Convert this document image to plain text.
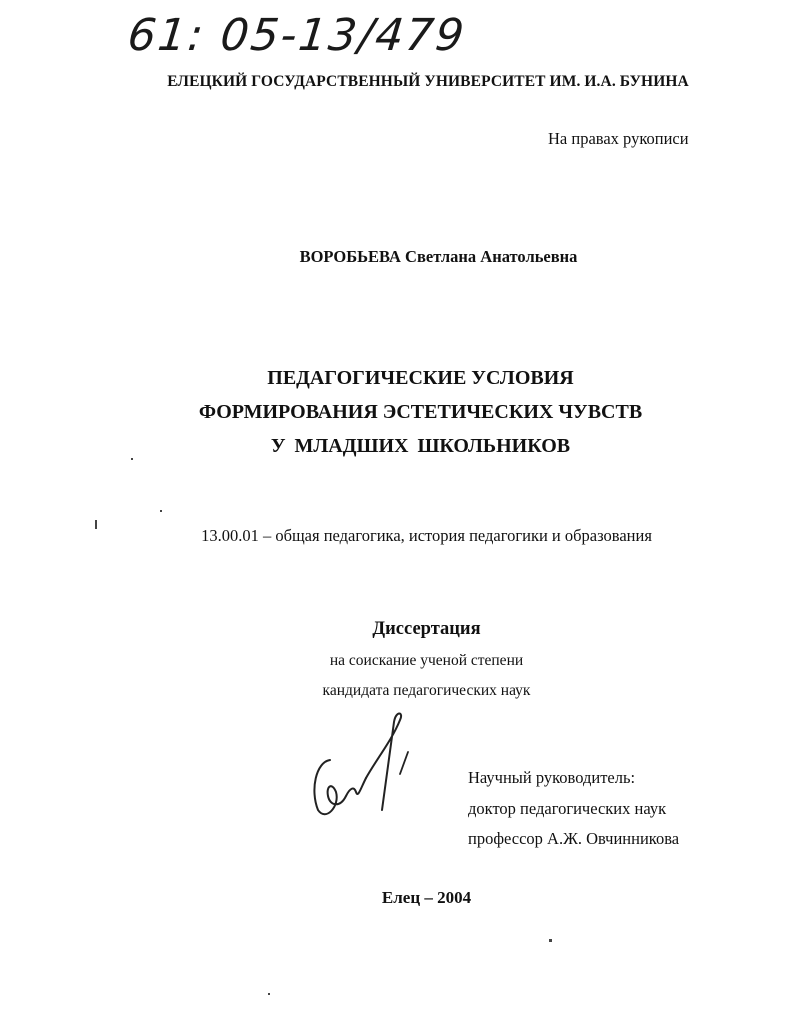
61: 05-13/479
ЕЛЕЦКИЙ ГОСУДАРСТВЕННЫЙ УНИВЕРСИТЕТ ИМ. И.А. БУНИНА
На правах рукописи
ВОРОБЬЕВА Светлана Анатольевна
ПЕДАГОГИЧЕСКИЕ УСЛОВИЯ
ФОРМИРОВАНИЯ ЭСТЕТИЧЕСКИХ ЧУВСТВ
У МЛАДШИХ ШКОЛЬНИКОВ
13.00.01 – общая педагогика, история педагогики и образования
Диссертация
на соискание ученой степени
кандидата педагогических наук
Научный руководитель:
доктор педагогических наук
профессор А.Ж. Овчинникова
Елец – 2004
